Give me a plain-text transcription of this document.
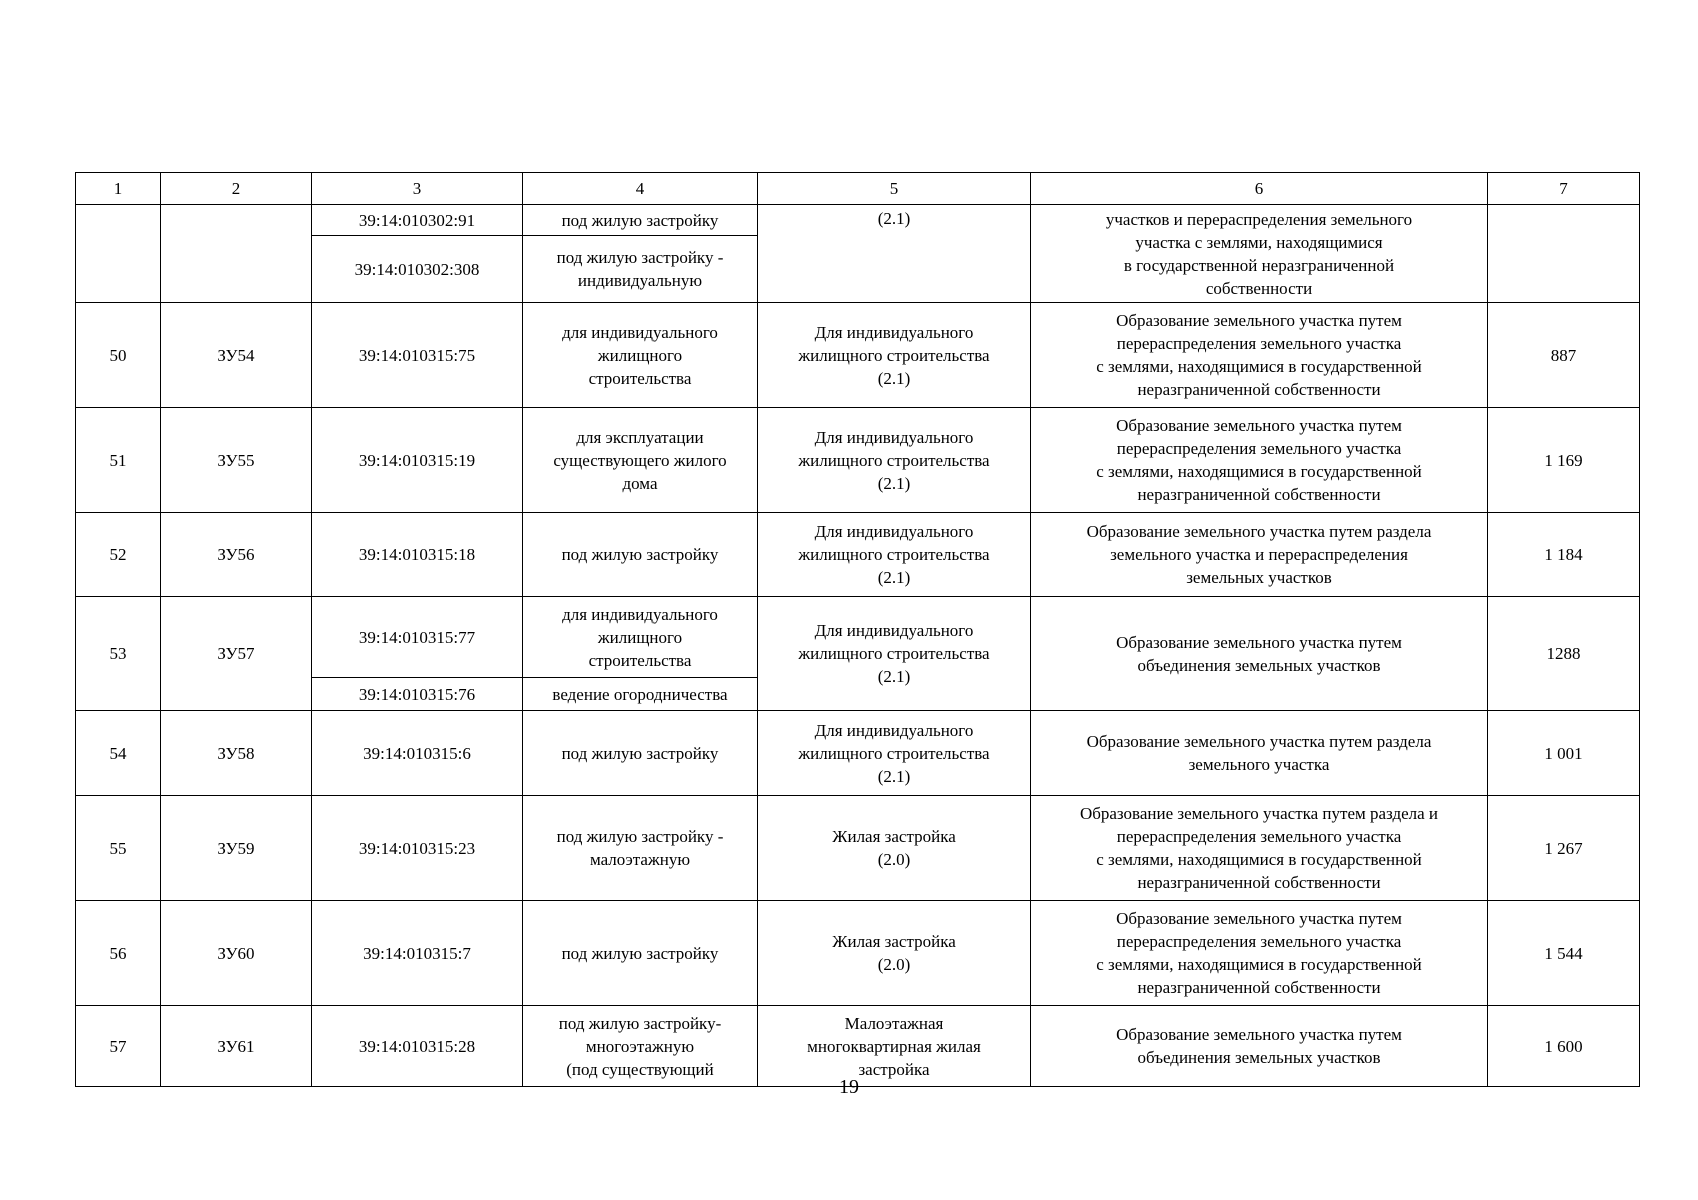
1	2	3	4	5	6	7
		39:14:010302:91	под жилую застройку	(2.1)	участков и перераспределения земельного
участка с землями, находящимися
в государственной неразграниченной
собственности	
		39:14:010302:308	под жилую застройку -
индивидуальную			
50	ЗУ54	39:14:010315:75	для индивидуального
жилищного
строительства	Для индивидуального
жилищного строительства
(2.1)	Образование земельного участка путем
перераспределения земельного участка
с землями, находящимися в государственной
неразграниченной собственности	887
51	ЗУ55	39:14:010315:19	для эксплуатации
существующего жилого
дома	Для индивидуального
жилищного строительства
(2.1)	Образование земельного участка путем
перераспределения земельного участка
с землями, находящимися в государственной
неразграниченной собственности	1 169
52	ЗУ56	39:14:010315:18	под жилую застройку	Для индивидуального
жилищного строительства
(2.1)	Образование земельного участка путем раздела
земельного участка и перераспределения
земельных участков	1 184
53	ЗУ57	39:14:010315:77	для индивидуального
жилищного
строительства	Для индивидуального
жилищного строительства
(2.1)	Образование земельного участка путем
объединения земельных участков	1288
		39:14:010315:76	ведение огородничества			
54	ЗУ58	39:14:010315:6	под жилую застройку	Для индивидуального
жилищного строительства
(2.1)	Образование земельного участка путем раздела
земельного участка	1 001
55	ЗУ59	39:14:010315:23	под жилую застройку -
малоэтажную	Жилая застройка
(2.0)	Образование земельного участка путем раздела и
перераспределения земельного участка
с землями, находящимися в государственной
неразграниченной собственности	1 267
56	ЗУ60	39:14:010315:7	под жилую застройку	Жилая застройка
(2.0)	Образование земельного участка путем
перераспределения земельного участка
с землями, находящимися в государственной
неразграниченной собственности	1 544
57	ЗУ61	39:14:010315:28	под жилую застройку-
многоэтажную
(под существующий	Малоэтажная
многоквартирная жилая
застройка	Образование земельного участка путем
объединения земельных участков	1 600
19
